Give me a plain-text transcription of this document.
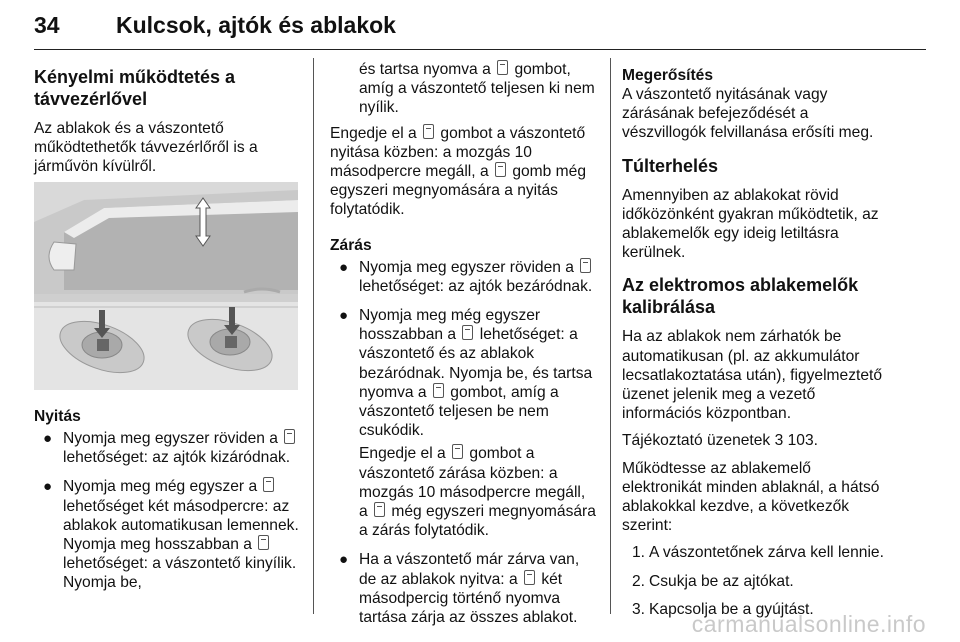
34 Kulcsok, ajtók és ablakok
Kényelmi működtetés a távvezérlővel

Az ablakok és a vászontető működtethetők távvezérlőről is a járművön kívülről.

Nyitás
● Nyomja meg egyszer röviden a  lehetőséget: az ajtók kizáródnak.
● Nyomja meg még egyszer a  lehetőséget két másodpercre: az ablakok automatikusan lemennek. Nyomja meg hosszabban a  lehetőséget: a vászontető kinyílik. Nyomja be,
és tartsa nyomva a gombot, amíg a vászontető teljesen ki nem nyílik.

Engedje el a gombot a vászontető nyitása közben: a mozgás 10 másodpercre megáll, a gomb még egyszeri megnyomására a nyitás folytatódik.

Zárás
● Nyomja meg egyszer röviden a  lehetőséget: az ajtók bezáródnak.
● Nyomja meg még egyszer hosszabban a lehetőséget: a vászontető és az ablakok bezáródnak. Nyomja be, és tartsa nyomva a gombot, amíg a vászontető teljesen be nem csukódik.
Engedje el a gombot a vászontető zárása közben: a mozgás 10 másodpercre megáll, a még egyszeri megnyomására a zárás folytatódik.
● Ha a vászontető már zárva van, de az ablakok nyitva: a két másodpercig történő nyomva tartása zárja az összes ablakot.
Megerősítés

A vászontető nyitásának vagy zárásának befejeződését a vészvillogók felvillanása erősíti meg.

Túlterhelés

Amennyiben az ablakokat rövid időközönként gyakran működtetik, az ablakemelők egy ideig letiltásra kerülnek.

Az elektromos ablakemelők kalibrálása

Ha az ablakok nem zárhatók be automatikusan (pl. az akkumulátor lecsatlakoztatása után), figyelmeztető üzenet jelenik meg a vezető információs központban.

Tájékoztató üzenetek 3 103.

Működtesse az ablakemelő elektronikát minden ablaknál, a hátsó ablakokkal kezdve, a következők szerint:

1. A vászontetőnek zárva kell lennie.
2. Csukja be az ajtókat.
3. Kapcsolja be a gyújtást.
carmanualsonline.info
